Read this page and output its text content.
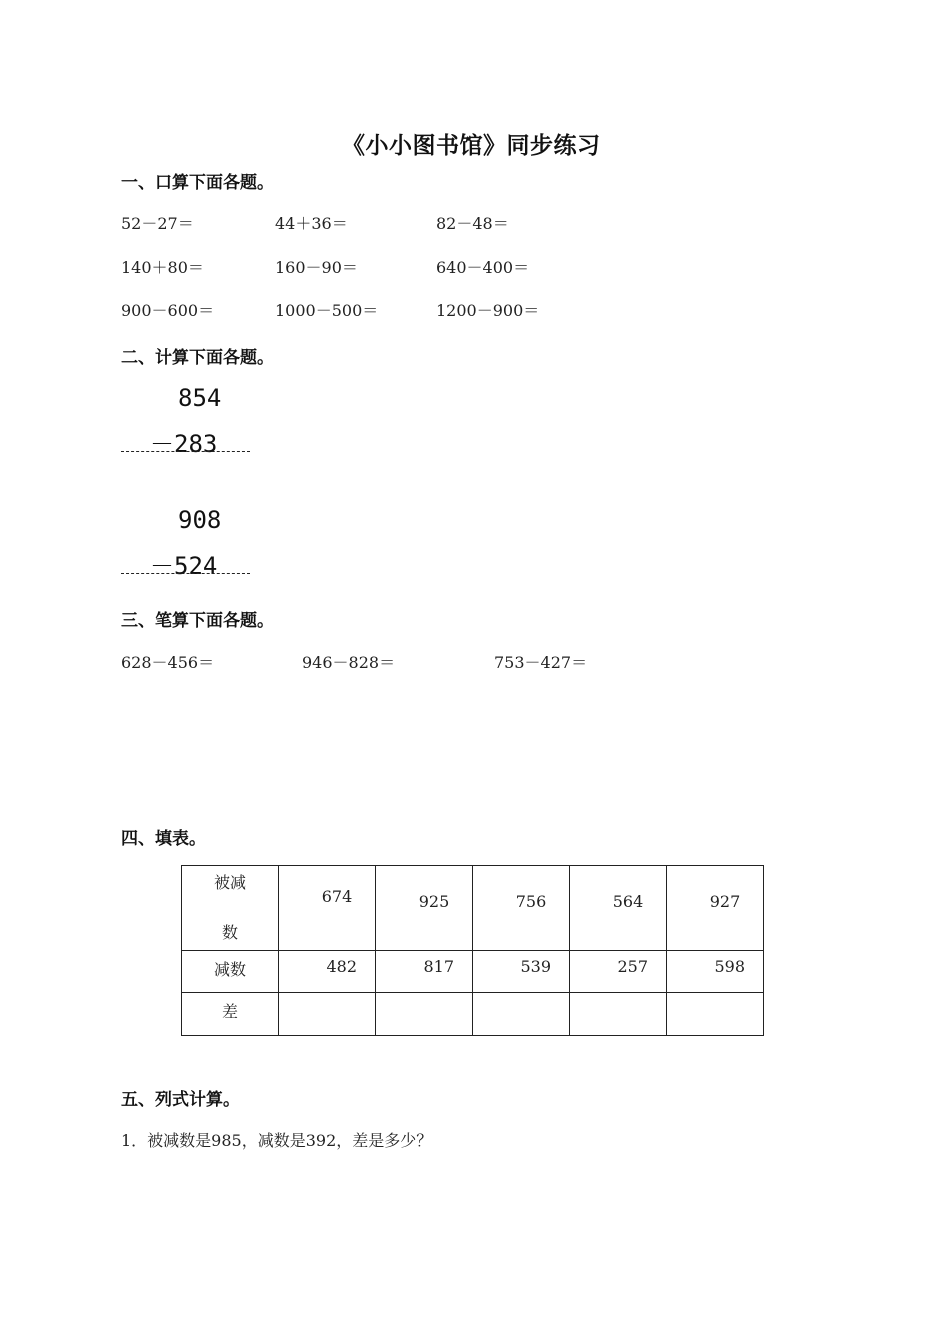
《小小图书馆》同步练习
一、口算下面各题。
52－27＝	44＋36＝	82－48＝
140＋80＝	160－90＝	640－400＝
900－600＝	1000－500＝	1200－900＝
二、计算下面各题。
854
－283
908
－524
三、笔算下面各题。
628－456＝	946－828＝	753－427＝
四、填表。
被减
数	674	925	756	564	927

减数	482	817	539	257	598

差					

五、列式计算。
1．被减数是985，减数是392，差是多少？
